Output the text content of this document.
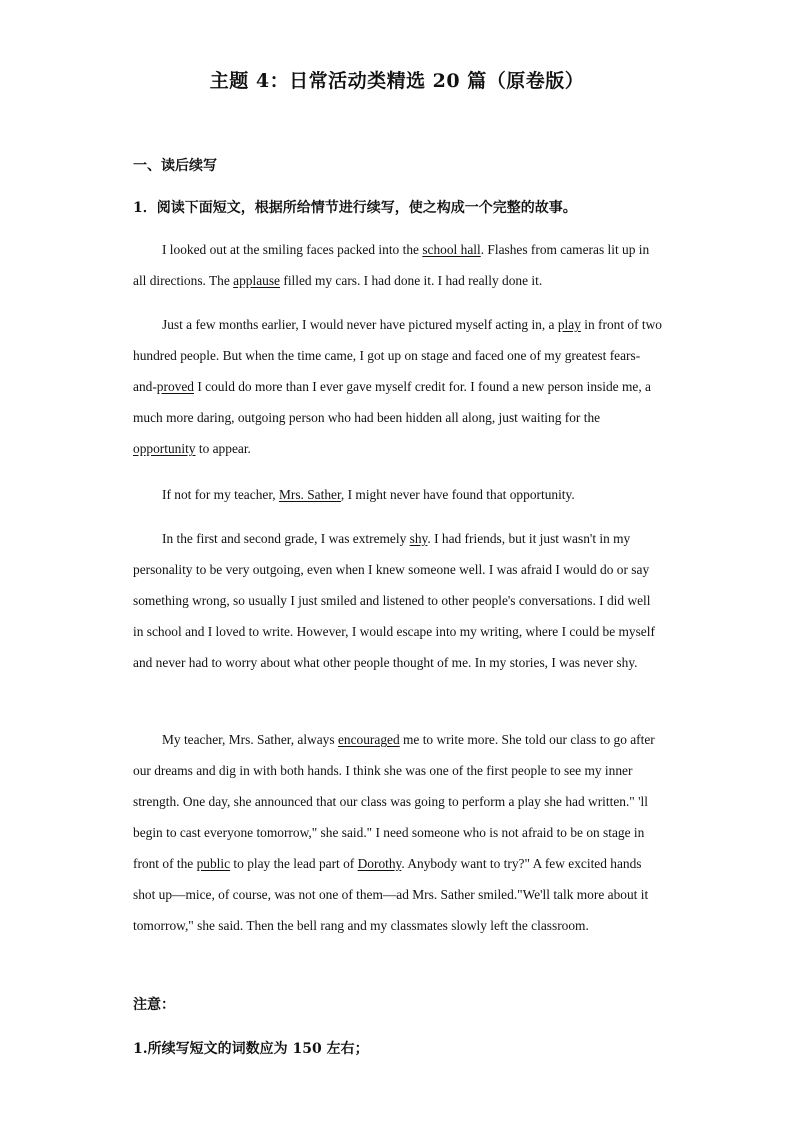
主题 4：日常活动类精选 20 篇（原卷版）
一、读后续写
1．阅读下面短文，根据所给情节进行续写，使之构成一个完整的故事。
I looked out at the smiling faces packed into the school hall. Flashes from cameras lit up in all directions. The applause filled my cars. I had done it. I had really done it.
Just a few months earlier, I would never have pictured myself acting in, a play in front of two hundred people. But when the time came, I got up on stage and faced one of my greatest fears-and-proved I could do more than I ever gave myself credit for. I found a new person inside me, a much more daring, outgoing person who had been hidden all along, just waiting for the opportunity to appear.
If not for my teacher, Mrs. Sather, I might never have found that opportunity.
In the first and second grade, I was extremely shy. I had friends, but it just wasn't in my personality to be very outgoing, even when I knew someone well. I was afraid I would do or say something wrong, so usually I just smiled and listened to other people's conversations. I did well in school and I loved to write. However, I would escape into my writing, where I could be myself and never had to worry about what other people thought of me. In my stories, I was never shy.
My teacher, Mrs. Sather, always encouraged me to write more. She told our class to go after our dreams and dig in with both hands. I think she was one of the first people to see my inner strength. One day, she announced that our class was going to perform a play she had written." 'll begin to cast everyone tomorrow," she said." I need someone who is not afraid to be on stage in front of the public to play the lead part of Dorothy. Anybody want to try?" A few excited hands shot up—mice, of course, was not one of them—ad Mrs. Sather smiled."We'll talk more about it tomorrow," she said. Then the bell rang and my classmates slowly left the classroom.
注意：
1.所续写短文的词数应为 150 左右；
